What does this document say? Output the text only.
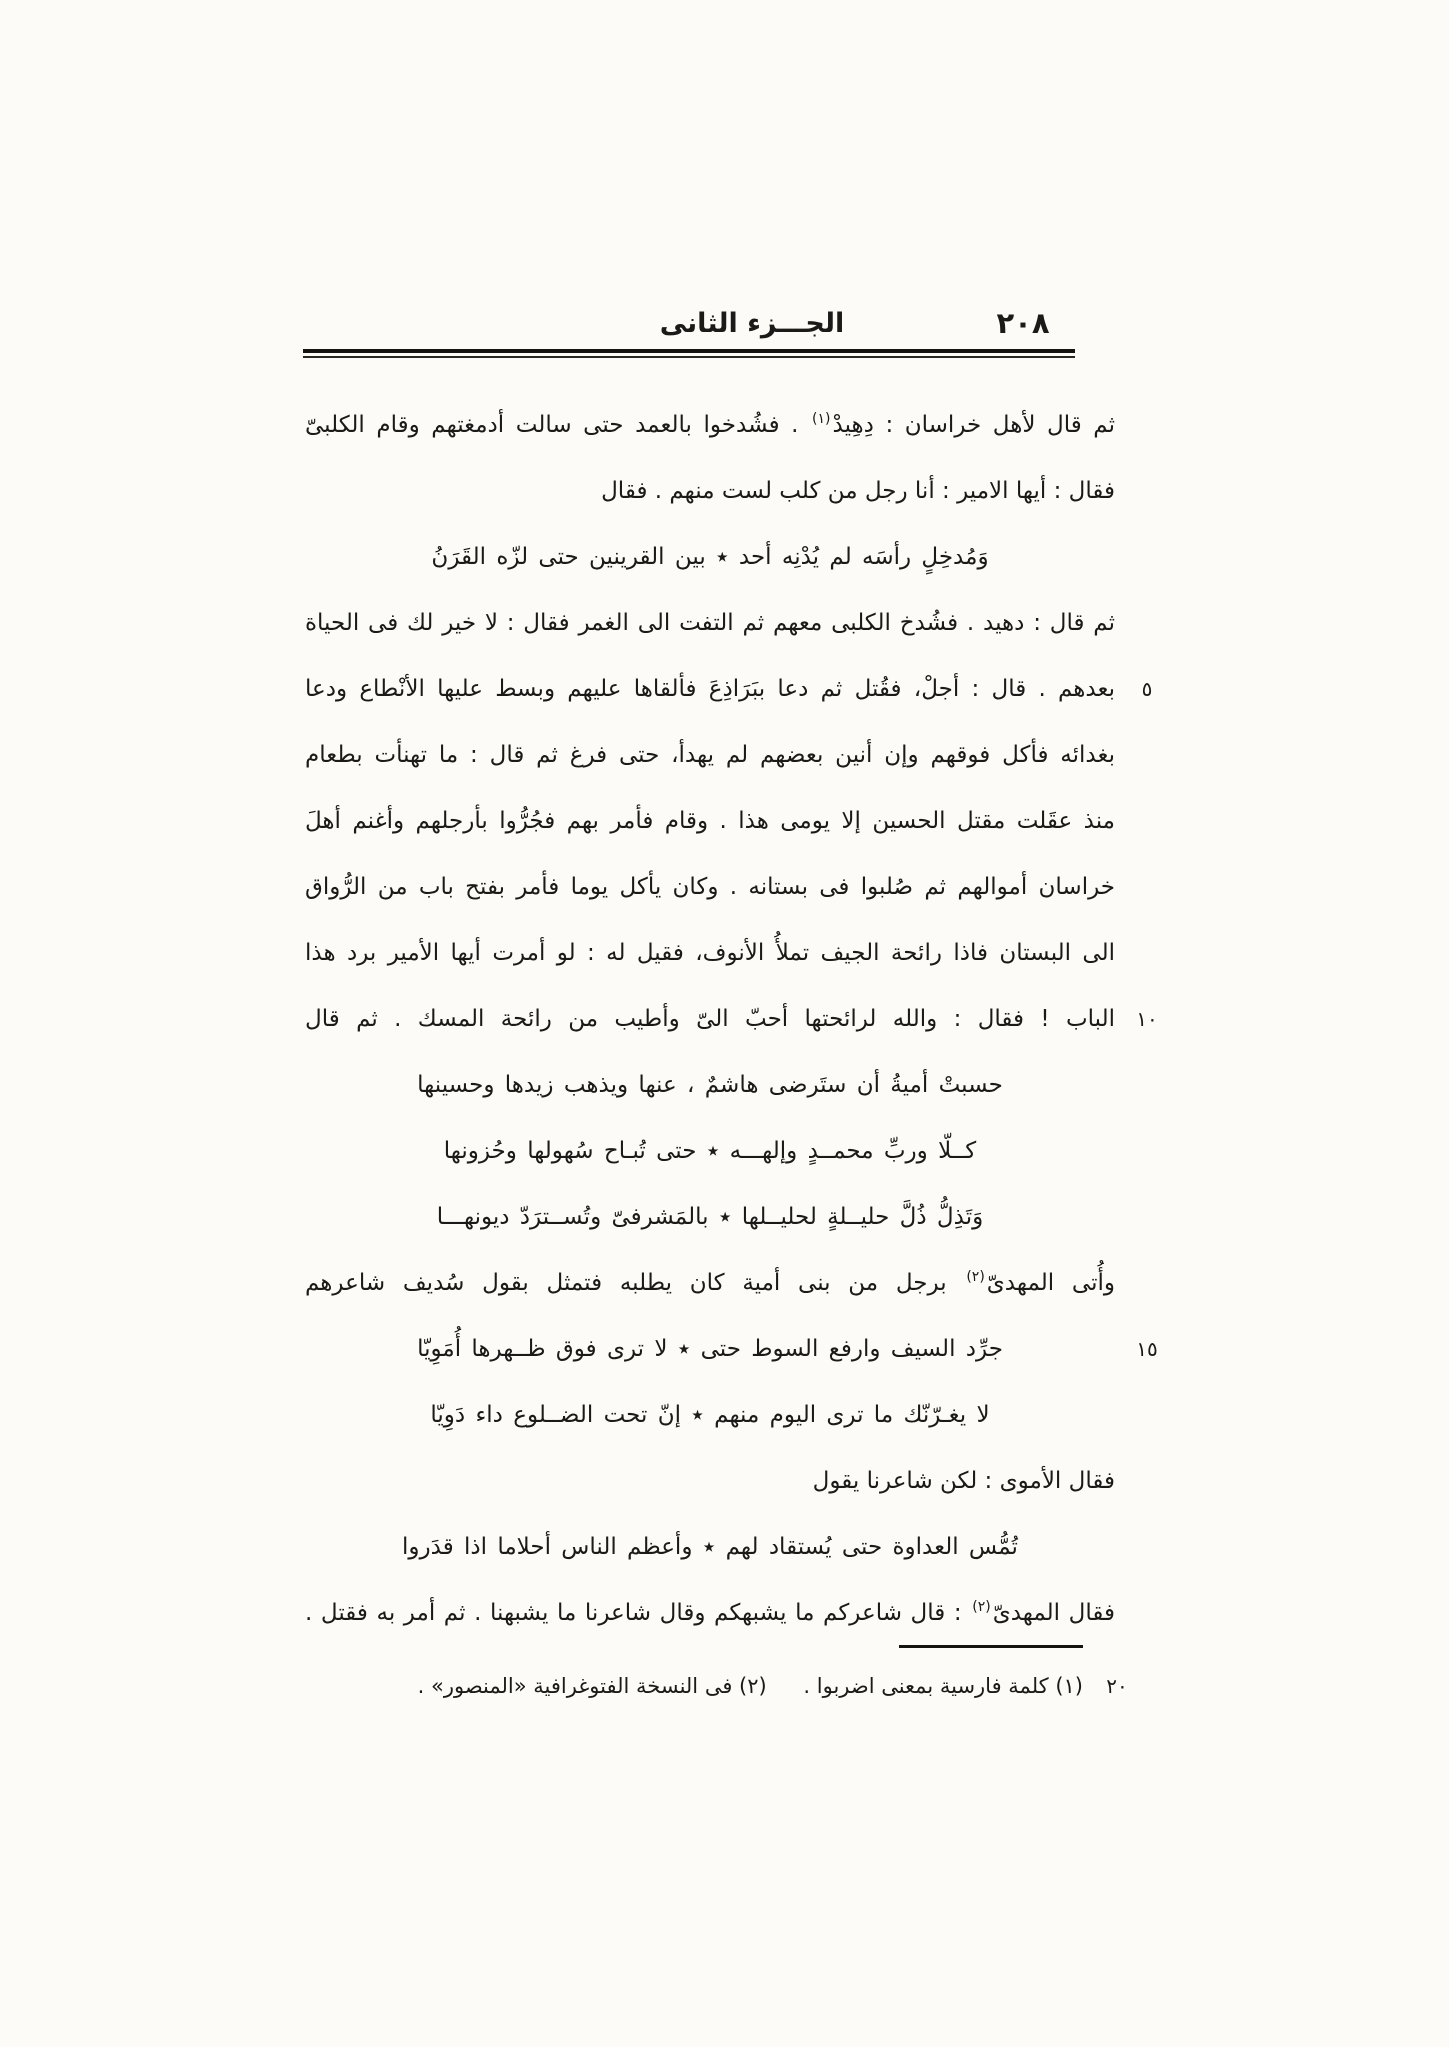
الجـــزء الثانى	٢٠٨
ثم قال لأهل خراسان : دِهِيدْ$^{(١)}$ . فشُدخوا بالعمد حتى سالت أدمغتهم وقام الكلبىّ
فقال : أيها الامير : أنا رجل من كلب لست منهم . فقال
وَمُدخِلٍ رأسَه لم يُدْنِه أحد ٭ بين القرينين حتى لزّه القَرَنُ
ثم قال : دهيد . فشُدخ الكلبى معهم ثم التفت الى الغمر فقال : لا خير لك فى الحياة
بعدهم . قال : أجلْ، فقُتل ثم دعا ببَرَاذِعَ فألقاها عليهم وبسط عليها الأنْطاع ودعا	٥
بغدائه فأكل فوقهم وإن أنين بعضهم لم يهدأ، حتى فرغ ثم قال : ما تهنأت بطعام
منذ عقَلت مقتل الحسين إلا يومى هذا . وقام فأمر بهم فجُرُّوا بأرجلهم وأغنم أهلَ
خراسان أموالهم ثم صُلبوا فى بستانه . وكان يأكل يوما فأمر بفتح باب من الرُّواق
الى البستان فاذا رائحة الجيف تملأُ الأنوف، فقيل له : لو أمرت أيها الأمير برد هذا
الباب ! فقال : والله لرائحتها أحبّ الىّ وأطيب من رائحة المسك . ثم قال	١٠
حسبتْ أميةُ أن ستَرضى هاشمٌ ، عنها ويذهب زيدها وحسينها
كــلّا وربِّ محمــدٍ وإلهـــه ٭ حتى تُبـاح سُهولها وحُزونها
وَتَذِلُّ ذُلَّ حليــلةٍ لحليــلها ٭ بالمَشرفىّ وتُســترَدّ ديونهـــا
وأُتى المهدىّ$^{(٢)}$ برجل من بنى أمية كان يطلبه فتمثل بقول سُديف شاعرهم
جرِّد السيف وارفع السوط حتى ٭ لا ترى فوق ظــهرها أُمَوِيّا	١٥
لا يغـرّنّك ما ترى اليوم منهم ٭ إنّ تحت الضــلوع داء دَوِيّا
فقال الأموى : لكن شاعرنا يقول
تُمُّس العداوة حتى يُستقاد لهم ٭ وأعظم الناس أحلاما اذا قدَروا
فقال المهدىّ$^{(٢)}$ : قال شاعركم ما يشبهكم وقال شاعرنا ما يشبهنا . ثم أمر به فقتل .
(١) كلمة فارسية بمعنى اضربوا . (٢) فى النسخة الفتوغرافية «المنصور» .	٢٠
